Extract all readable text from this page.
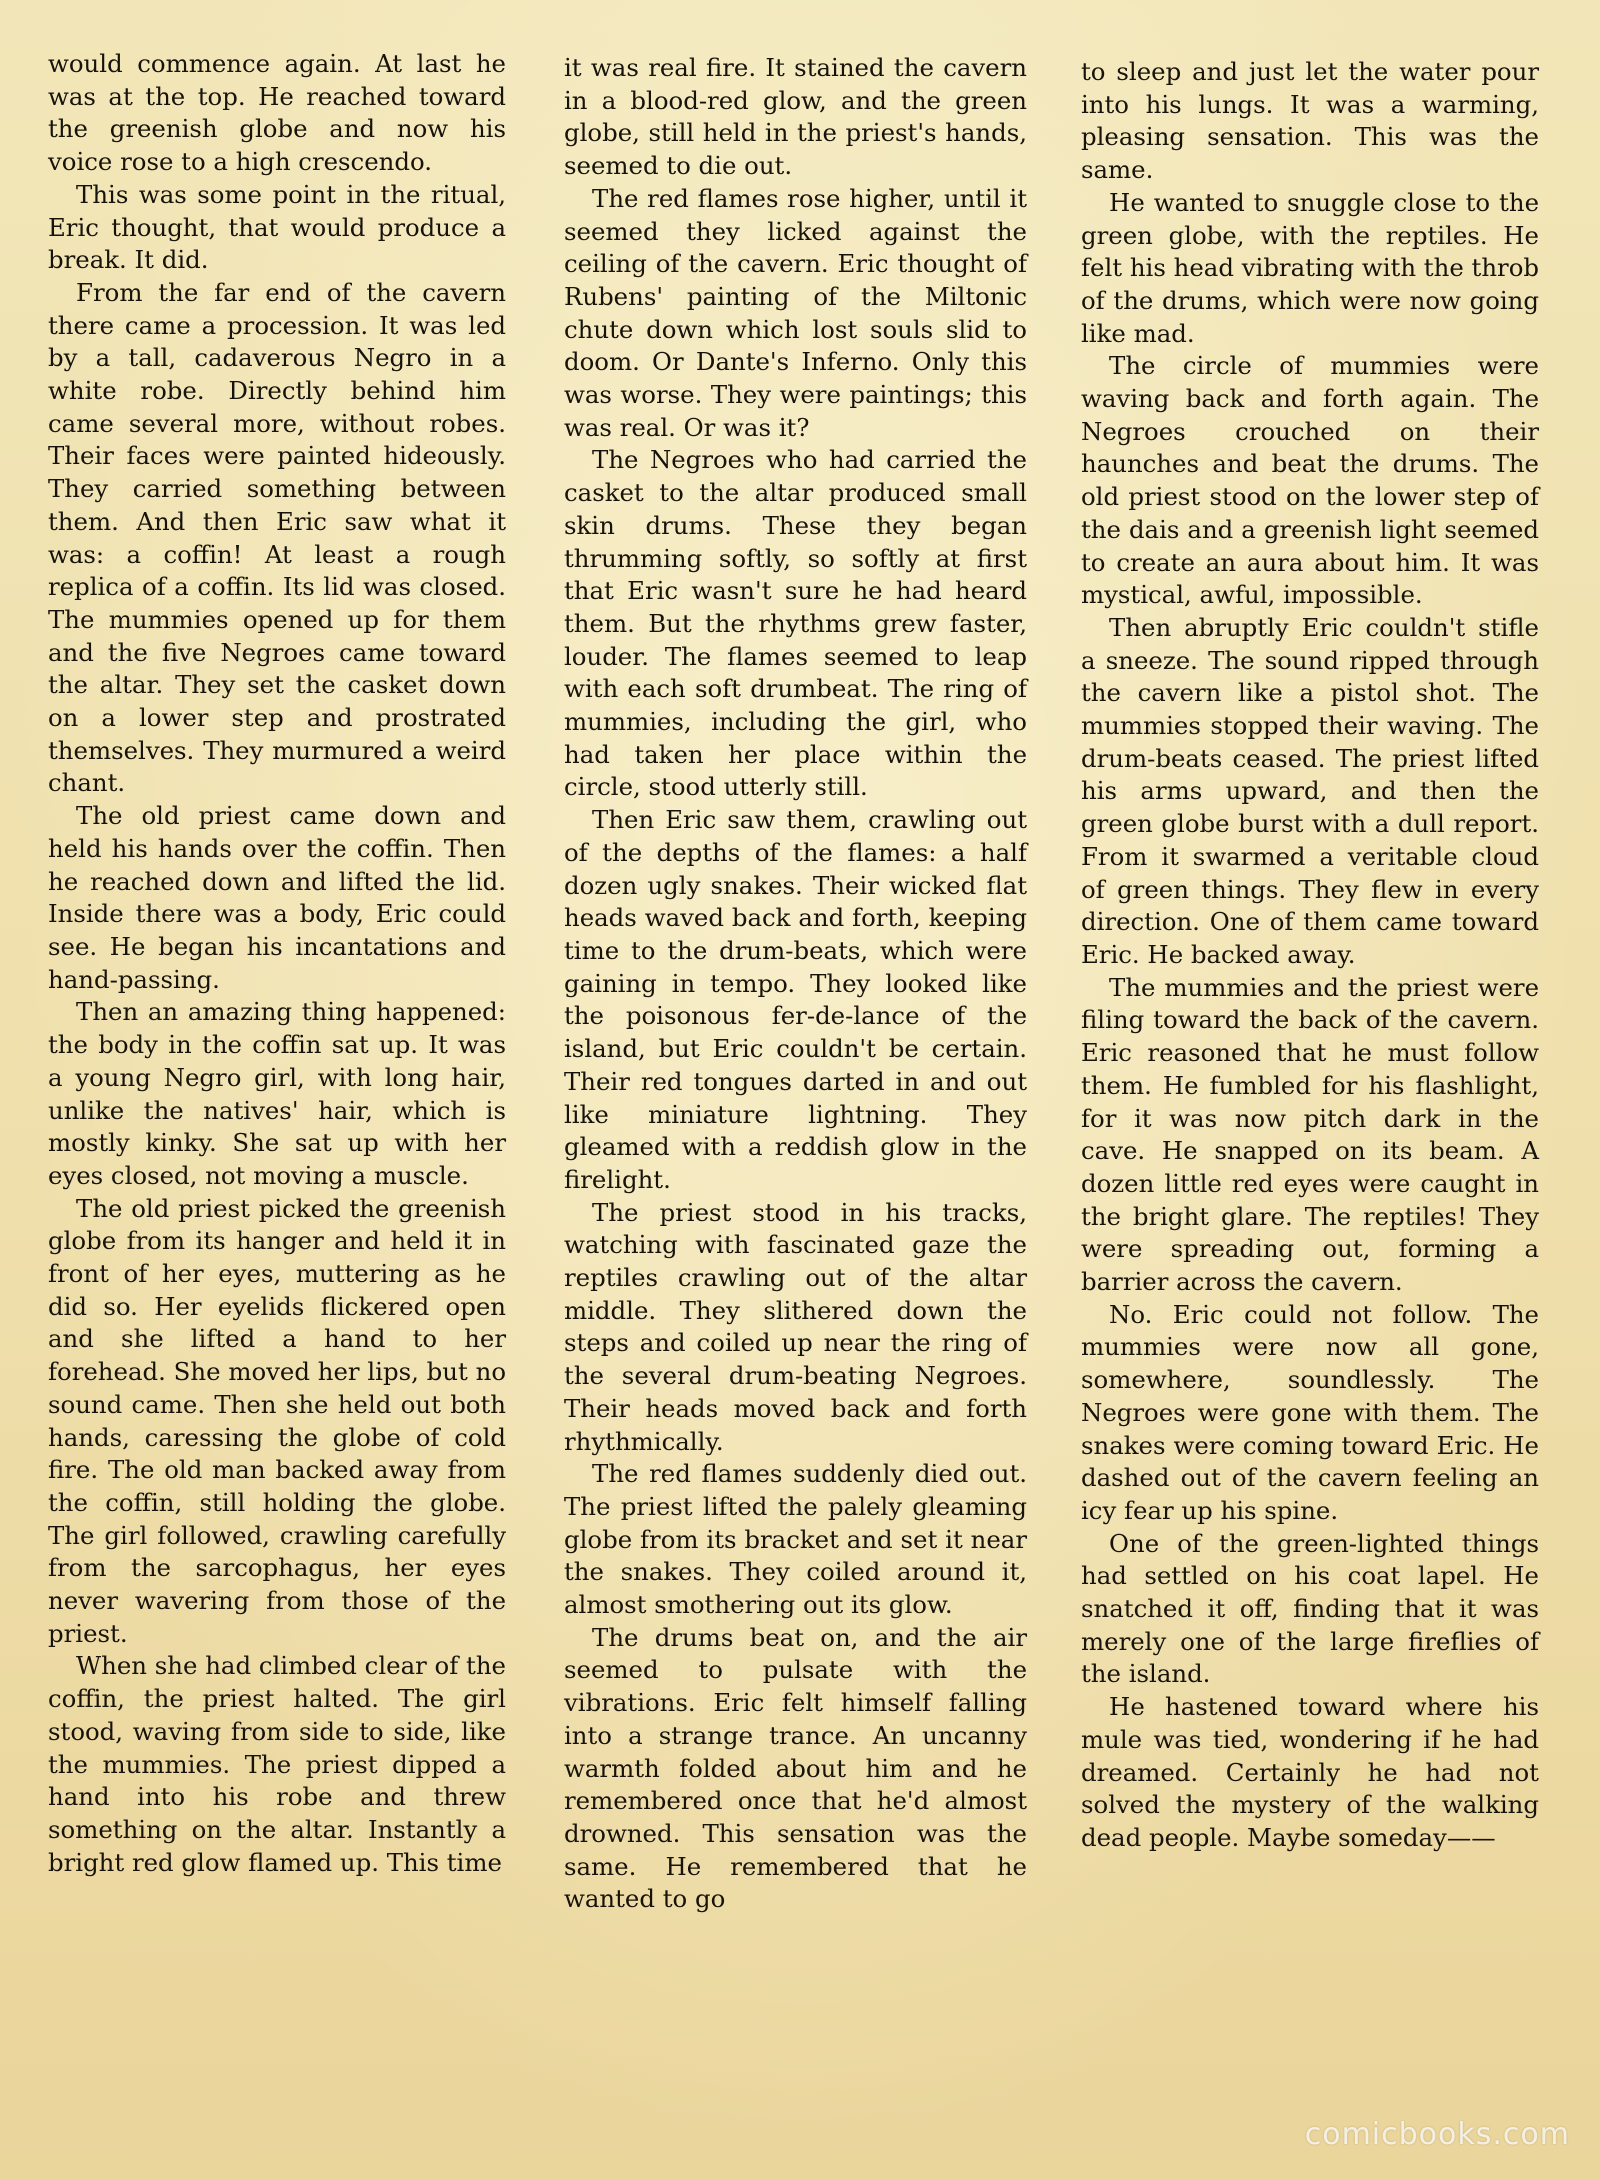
would commence again. At last he was at the top. He reached toward the greenish globe and now his voice rose to a high crescendo.

This was some point in the ritual, Eric thought, that would produce a break. It did.

From the far end of the cavern there came a procession. It was led by a tall, cadaverous Negro in a white robe. Directly behind him came several more, without robes. Their faces were painted hideously. They carried something between them. And then Eric saw what it was: a coffin! At least a rough replica of a coffin. Its lid was closed. The mummies opened up for them and the five Negroes came toward the altar. They set the casket down on a lower step and prostrated themselves. They murmured a weird chant.

The old priest came down and held his hands over the coffin. Then he reached down and lifted the lid. Inside there was a body, Eric could see. He began his incantations and hand-passing.

Then an amazing thing happened: the body in the coffin sat up. It was a young Negro girl, with long hair, unlike the natives' hair, which is mostly kinky. She sat up with her eyes closed, not moving a muscle.

The old priest picked the greenish globe from its hanger and held it in front of her eyes, muttering as he did so. Her eyelids flickered open and she lifted a hand to her forehead. She moved her lips, but no sound came. Then she held out both hands, caressing the globe of cold fire. The old man backed away from the coffin, still holding the globe. The girl followed, crawling carefully from the sarcophagus, her eyes never wavering from those of the priest.

When she had climbed clear of the coffin, the priest halted. The girl stood, waving from side to side, like the mummies. The priest dipped a hand into his robe and threw something on the altar. Instantly a bright red glow flamed up. This time

it was real fire. It stained the cavern in a blood-red glow, and the green globe, still held in the priest's hands, seemed to die out.

The red flames rose higher, until it seemed they licked against the ceiling of the cavern. Eric thought of Rubens' painting of the Miltonic chute down which lost souls slid to doom. Or Dante's Inferno. Only this was worse. They were paintings; this was real. Or was it?

The Negroes who had carried the casket to the altar produced small skin drums. These they began thrumming softly, so softly at first that Eric wasn't sure he had heard them. But the rhythms grew faster, louder. The flames seemed to leap with each soft drumbeat. The ring of mummies, including the girl, who had taken her place within the circle, stood utterly still.

Then Eric saw them, crawling out of the depths of the flames: a half dozen ugly snakes. Their wicked flat heads waved back and forth, keeping time to the drum-beats, which were gaining in tempo. They looked like the poisonous fer-de-lance of the island, but Eric couldn't be certain. Their red tongues darted in and out like miniature lightning. They gleamed with a reddish glow in the firelight.

The priest stood in his tracks, watching with fascinated gaze the reptiles crawling out of the altar middle. They slithered down the steps and coiled up near the ring of the several drum-beating Negroes. Their heads moved back and forth rhythmically.

The red flames suddenly died out. The priest lifted the palely gleaming globe from its bracket and set it near the snakes. They coiled around it, almost smothering out its glow.

The drums beat on, and the air seemed to pulsate with the vibrations. Eric felt himself falling into a strange trance. An uncanny warmth folded about him and he remembered once that he'd almost drowned. This sensation was the same. He remembered that he wanted to go

to sleep and just let the water pour into his lungs. It was a warming, pleasing sensation. This was the same.

He wanted to snuggle close to the green globe, with the reptiles. He felt his head vibrating with the throb of the drums, which were now going like mad.

The circle of mummies were waving back and forth again. The Negroes crouched on their haunches and beat the drums. The old priest stood on the lower step of the dais and a greenish light seemed to create an aura about him. It was mystical, awful, impossible.

Then abruptly Eric couldn't stifle a sneeze. The sound ripped through the cavern like a pistol shot. The mummies stopped their waving. The drum-beats ceased. The priest lifted his arms upward, and then the green globe burst with a dull report. From it swarmed a veritable cloud of green things. They flew in every direction. One of them came toward Eric. He backed away.

The mummies and the priest were filing toward the back of the cavern. Eric reasoned that he must follow them. He fumbled for his flashlight, for it was now pitch dark in the cave. He snapped on its beam. A dozen little red eyes were caught in the bright glare. The reptiles! They were spreading out, forming a barrier across the cavern.

No. Eric could not follow. The mummies were now all gone, somewhere, soundlessly. The Negroes were gone with them. The snakes were coming toward Eric. He dashed out of the cavern feeling an icy fear up his spine.

One of the green-lighted things had settled on his coat lapel. He snatched it off, finding that it was merely one of the large fireflies of the island.

He hastened toward where his mule was tied, wondering if he had dreamed. Certainly he had not solved the mystery of the walking dead people. Maybe someday——

comicbooks.com
